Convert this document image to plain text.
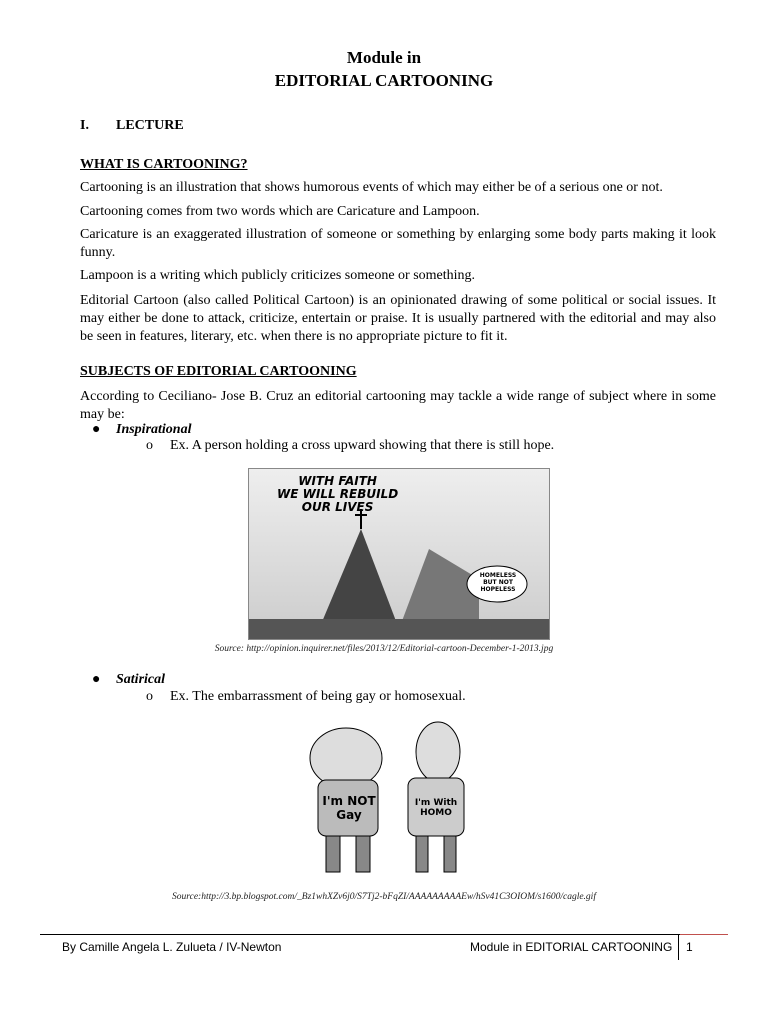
Module in
EDITORIAL CARTOONING
I. LECTURE
WHAT IS CARTOONING?
Cartooning is an illustration that shows humorous events of which may either be of a serious one or not.
Cartooning comes from two words which are Caricature and Lampoon.
Caricature is an exaggerated illustration of someone or something by enlarging some body parts making it look funny.
Lampoon is a writing which publicly criticizes someone or something.
Editorial Cartoon (also called Political Cartoon) is an opinionated drawing of some political or social issues. It may either be done to attack, criticize, entertain or praise. It is usually partnered with the editorial and may also be seen in features, literary, etc. when there is no appropriate picture to fit it.
SUBJECTS OF EDITORIAL CARTOONING
According to Ceciliano- Jose B. Cruz an editorial cartooning may tackle a wide range of subject where in some may be:
● Inspirational
o Ex. A person holding a cross upward showing that there is still hope.
WITH FAITH
WE WILL REBUILD
OUR LIVES
HOMELESS BUT NOT HOPELESS
Source: http://opinion.inquirer.net/files/2013/12/Editorial-cartoon-December-1-2013.jpg
● Satirical
o Ex. The embarrassment of being gay or homosexual.
I'm NOT Gay
I'm With HOMO
Source:http://3.bp.blogspot.com/_Bz1whXZv6j0/S7Tj2-bFqZI/AAAAAAAAAEw/hSv41C3OIOM/s1600/cagle.gif
By Camille Angela L. Zulueta / IV-Newton	Module in EDITORIAL CARTOONING 1
